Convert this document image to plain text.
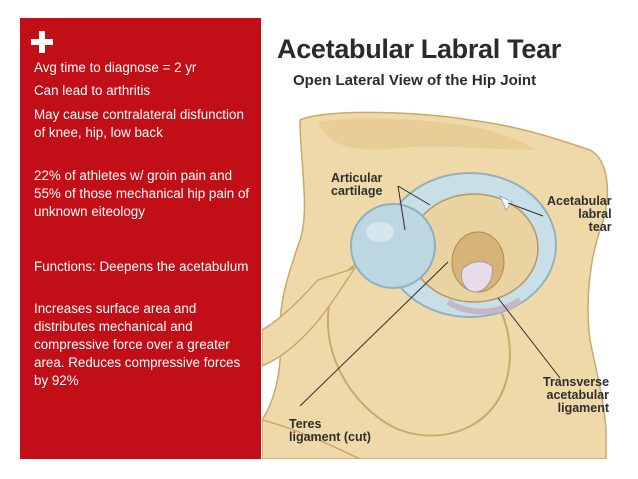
Avg time to diagnose = 2 yr
Can lead to arthritis
May cause contralateral disfunction of knee, hip, low back
22% of athletes w/ groin pain and 55% of those mechanical hip pain of unknown eiteology
Functions: Deepens the acetabulum
Increases surface area and distributes mechanical and compressive force over a greater area. Reduces compressive forces by 92%
Acetabular Labral Tear
Open Lateral View of the Hip Joint
Articular
cartilage
Acetabular
labral
tear
Transverse
acetabular
ligament
Teres
ligament (cut)
